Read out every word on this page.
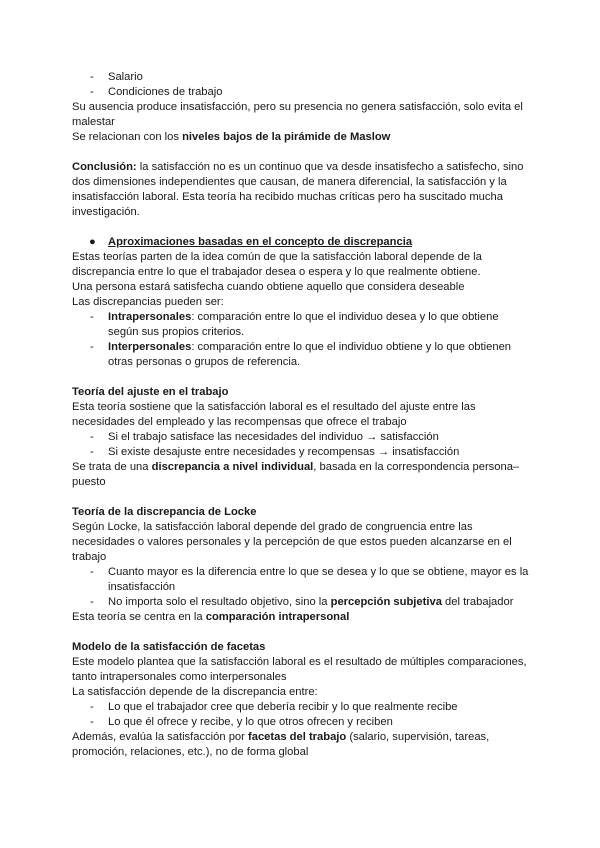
- Salario
- Condiciones de trabajo

Su ausencia produce insatisfacción, pero su presencia no genera satisfacción, solo evita el malestar

Se relacionan con los niveles bajos de la pirámide de Maslow

Conclusión: la satisfacción no es un continuo que va desde insatisfecho a satisfecho, sino dos dimensiones independientes que causan, de manera diferencial, la satisfacción y la insatisfacción laboral. Esta teoría ha recibido muchas críticas pero ha suscitado mucha investigación.

● Aproximaciones basadas en el concepto de discrepancia

Estas teorías parten de la idea común de que la satisfacción laboral depende de la discrepancia entre lo que el trabajador desea o espera y lo que realmente obtiene.

Una persona estará satisfecha cuando obtiene aquello que considera deseable

Las discrepancias pueden ser:

- Intrapersonales: comparación entre lo que el individuo desea y lo que obtiene según sus propios criterios.
- Interpersonales: comparación entre lo que el individuo obtiene y lo que obtienen otras personas o grupos de referencia.

Teoría del ajuste en el trabajo

Esta teoría sostiene que la satisfacción laboral es el resultado del ajuste entre las necesidades del empleado y las recompensas que ofrece el trabajo

- Si el trabajo satisface las necesidades del individuo → satisfacción
- Si existe desajuste entre necesidades y recompensas → insatisfacción

Se trata de una discrepancia a nivel individual, basada en la correspondencia persona–puesto

Teoría de la discrepancia de Locke

Según Locke, la satisfacción laboral depende del grado de congruencia entre las necesidades o valores personales y la percepción de que estos pueden alcanzarse en el trabajo

- Cuanto mayor es la diferencia entre lo que se desea y lo que se obtiene, mayor es la insatisfacción
- No importa solo el resultado objetivo, sino la percepción subjetiva del trabajador

Esta teoría se centra en la comparación intrapersonal

Modelo de la satisfacción de facetas

Este modelo plantea que la satisfacción laboral es el resultado de múltiples comparaciones, tanto intrapersonales como interpersonales

La satisfacción depende de la discrepancia entre:

- Lo que el trabajador cree que debería recibir y lo que realmente recibe
- Lo que él ofrece y recibe, y lo que otros ofrecen y reciben

Además, evalúa la satisfacción por facetas del trabajo (salario, supervisión, tareas, promoción, relaciones, etc.), no de forma global
